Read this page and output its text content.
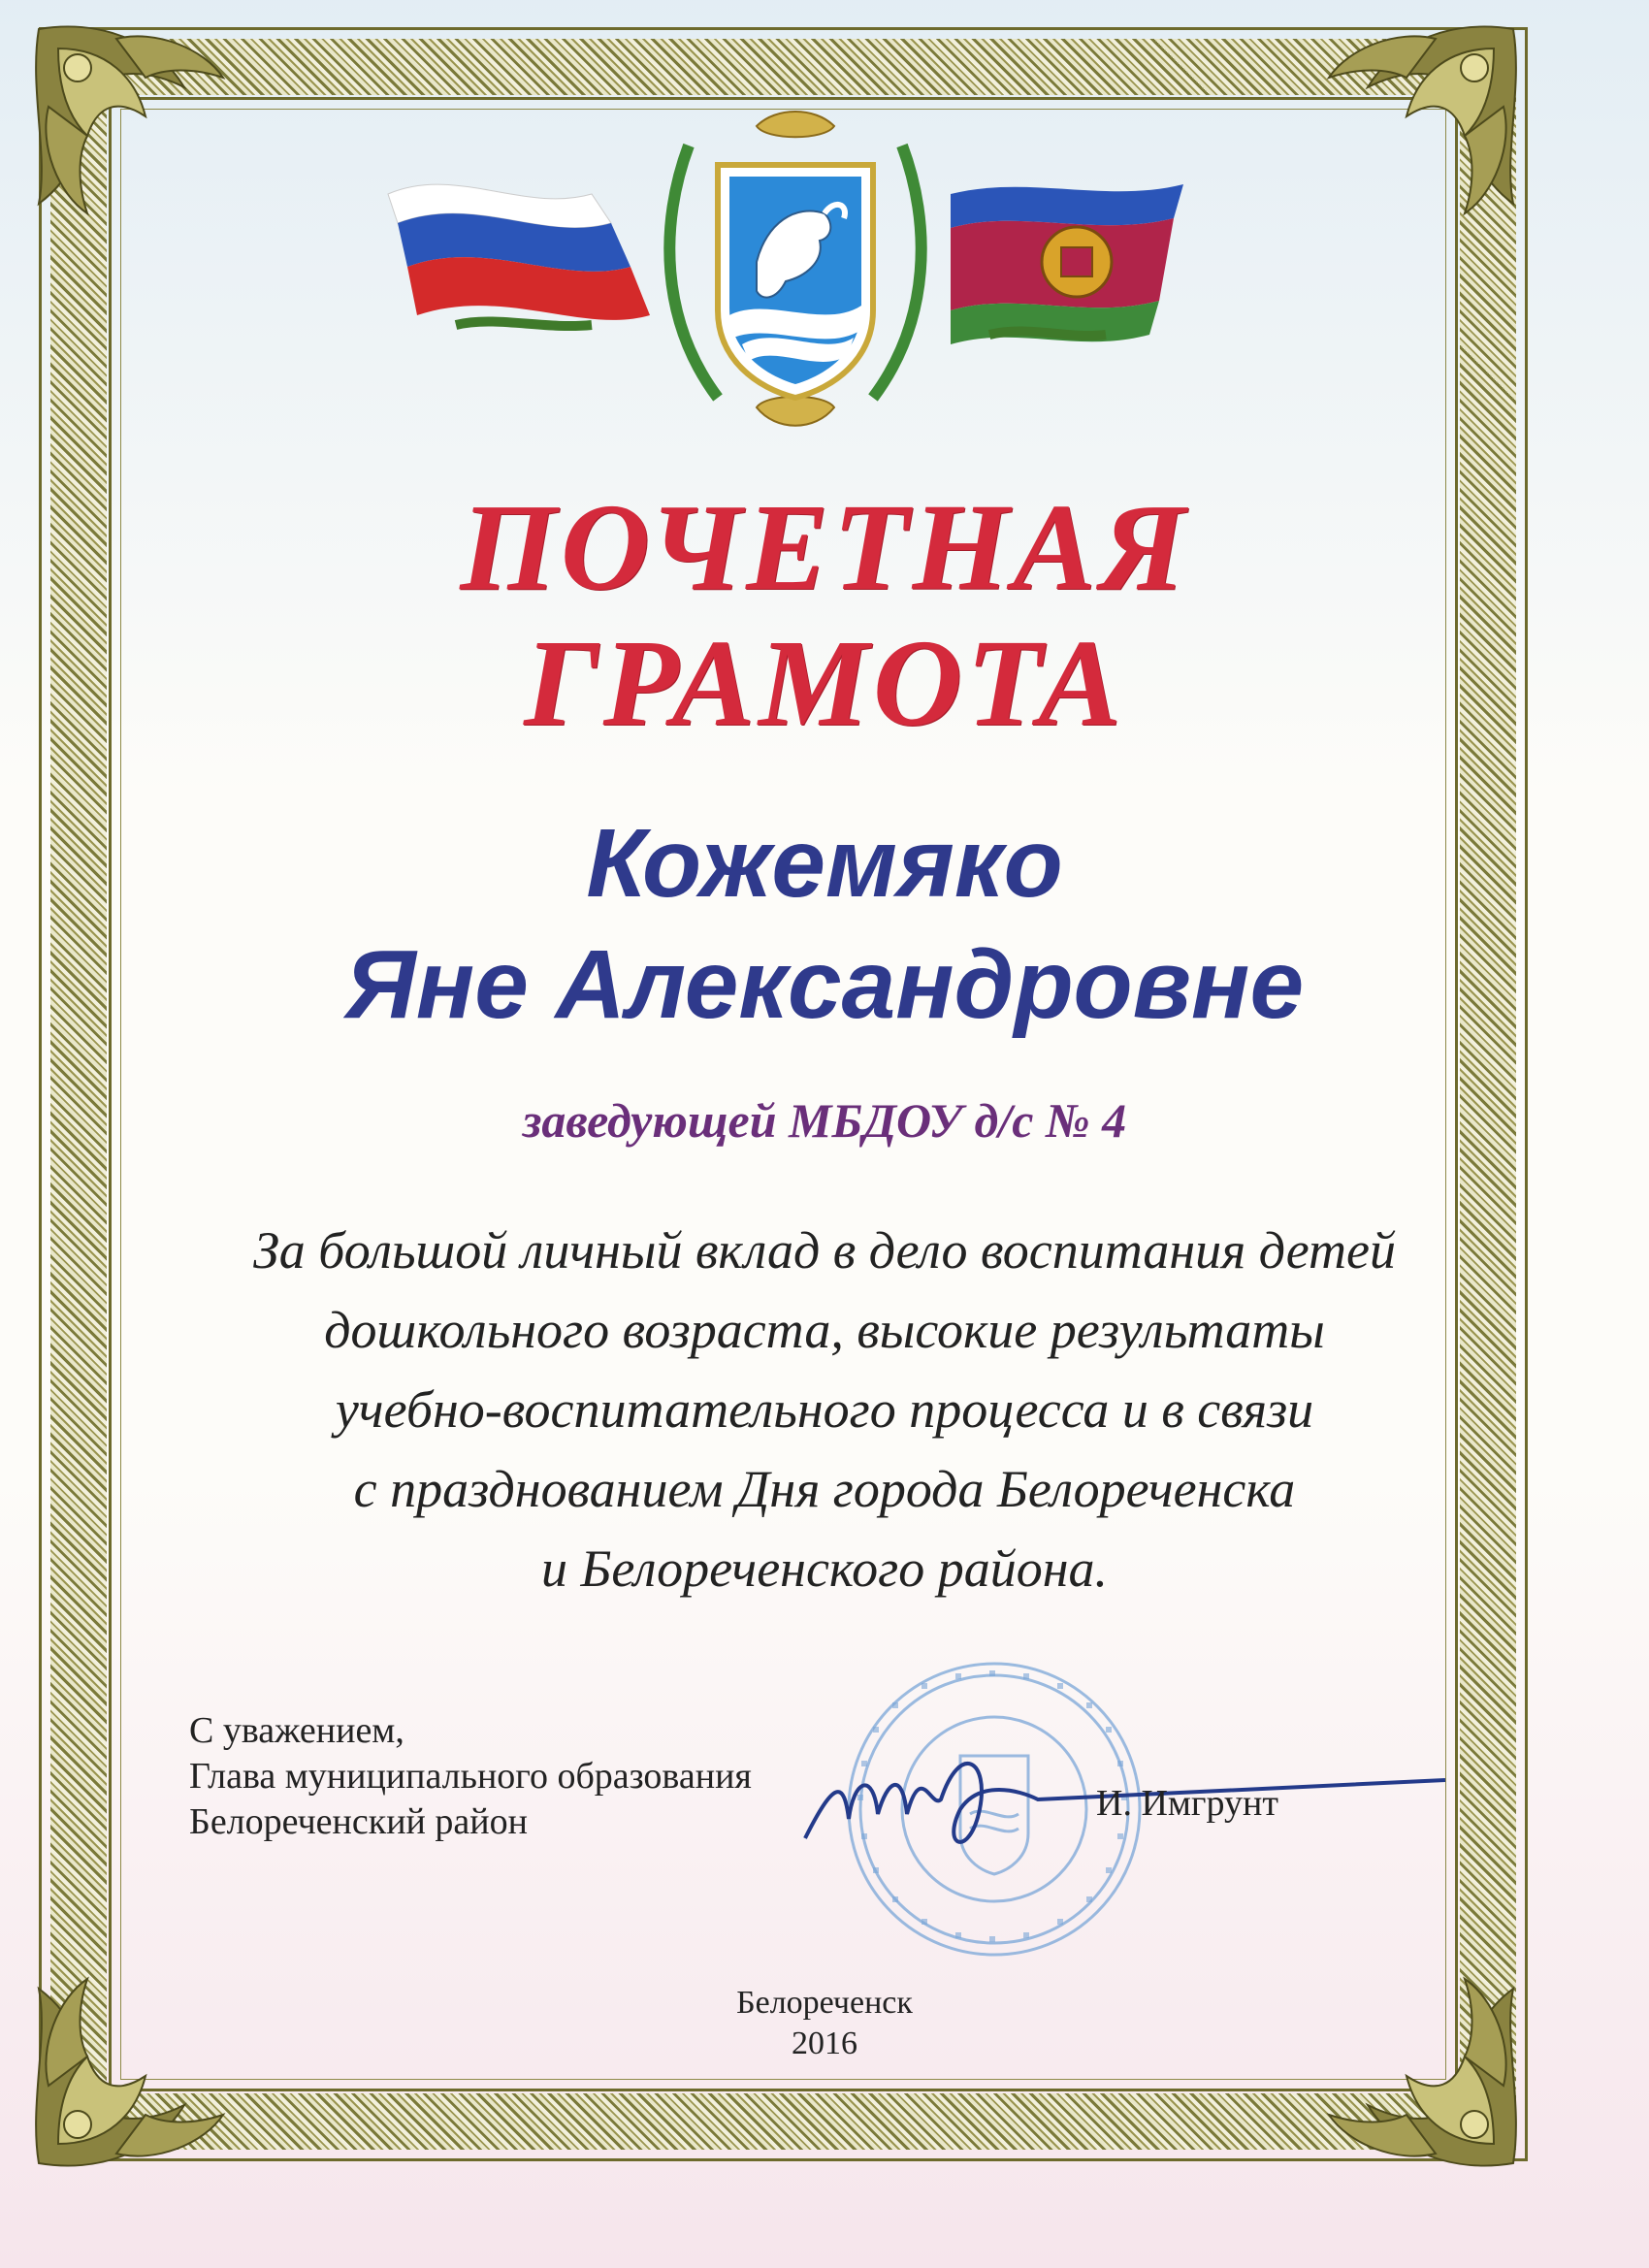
ПОЧЕТНАЯ
ГРАМОТА
Кожемяко
Яне Александровне
заведующей МБДОУ д/с № 4
За большой личный вклад в дело воспитания детей
дошкольного возраста, высокие результаты
учебно-воспитательного процесса и в связи
с празднованием Дня города Белореченска
и Белореченского района.
С уважением,
Глава муниципального образования
Белореченский район	И. Имгрунт
Белореченск
2016
